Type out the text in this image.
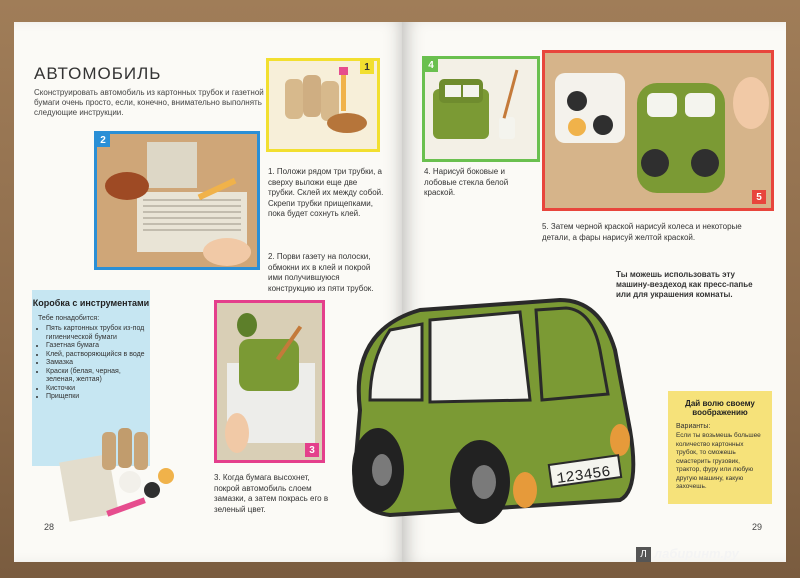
АВТОМОБИЛЬ
Сконструировать автомобиль из картонных трубок и газетной бумаги очень просто, если, конечно, внимательно выполнять следующие инструкции.
1
2
1. Положи рядом три трубки, а сверху выложи еще две трубки. Склей их между собой. Скрепи трубки прищепками, пока будет сохнуть клей.
2. Порви газету на полоски, обмокни их в клей и покрой ими получившуюся конструкцию из пяти трубок.
3
3. Когда бумага высохнет, покрой автомобиль слоем замазки, а затем покрась его в зеленый цвет.
Коробка с инструментами
Тебе понадобится:
• Пять картонных трубок из-под гигиенической бумаги
• Газетная бумага
• Клей, растворяющийся в воде
• Замазка
• Краски (белая, черная, зеленая, желтая)
• Кисточки
• Прищепки
28
4
4. Нарисуй боковые и лобовые стекла белой краской.	5
5. Затем черной краской нарисуй колеса и некоторые детали, а фары нарисуй желтой краской.
Ты можешь использовать эту машину-вездеход как пресс-папье или для украшения комнаты.
123456
Дай волю своему воображению
Варианты:
Если ты возьмешь большее количество картонных трубок, то сможешь смастерить грузовик, трактор, фуру или любую другую машину, какую захочешь.
29
Л лабиринт.ру
